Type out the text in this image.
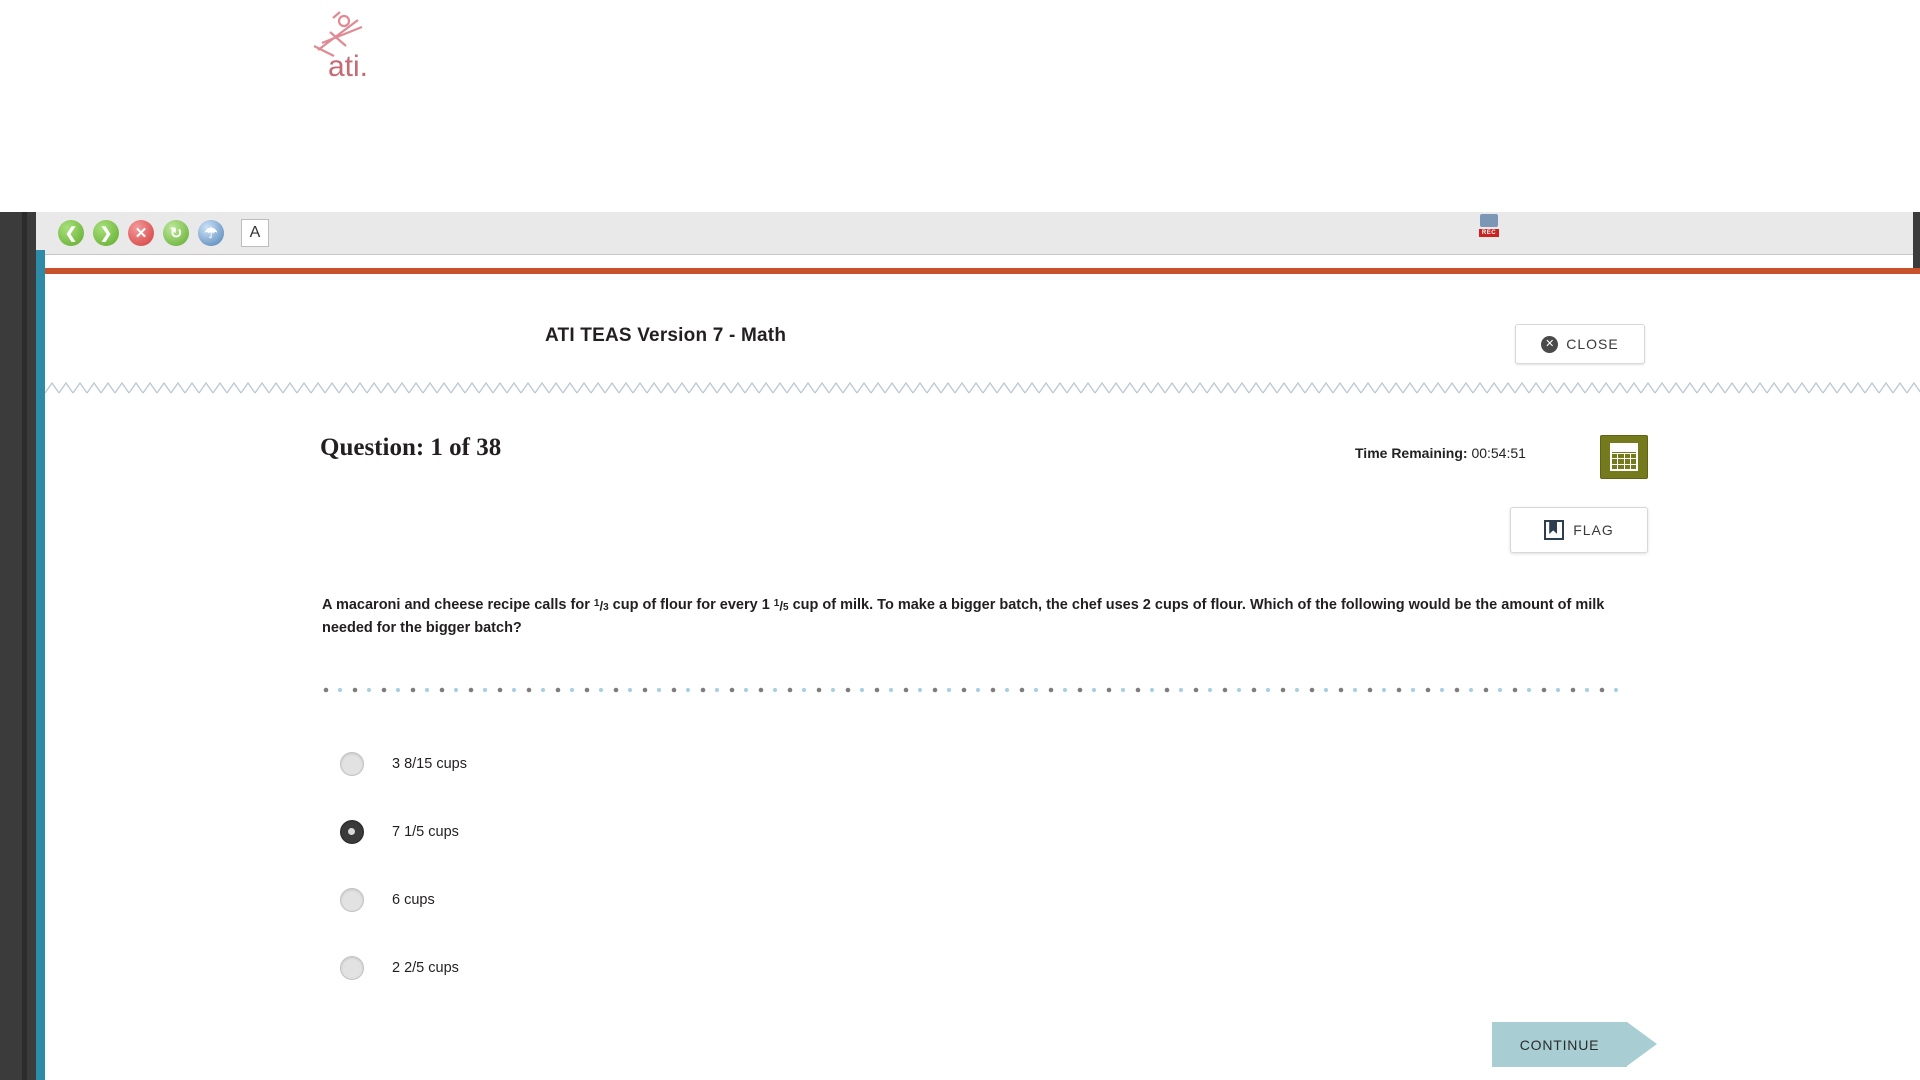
❮	❯	✕	↻	☂	A	REC
ati.
ATI TEAS Version 7 - Math	✕ CLOSE
Question: 1 of 38	Time Remaining: 00:54:51
FLAG
A macaroni and cheese recipe calls for $^1/_3$ cup of flour for every 1 $^1/_5$ cup of milk. To make a bigger batch, the chef uses 2 cups of flour. Which of the following would be the amount of milk needed for the bigger batch?
3 8/15 cups
7 1/5 cups
6 cups
2 2/5 cups
CONTINUE
